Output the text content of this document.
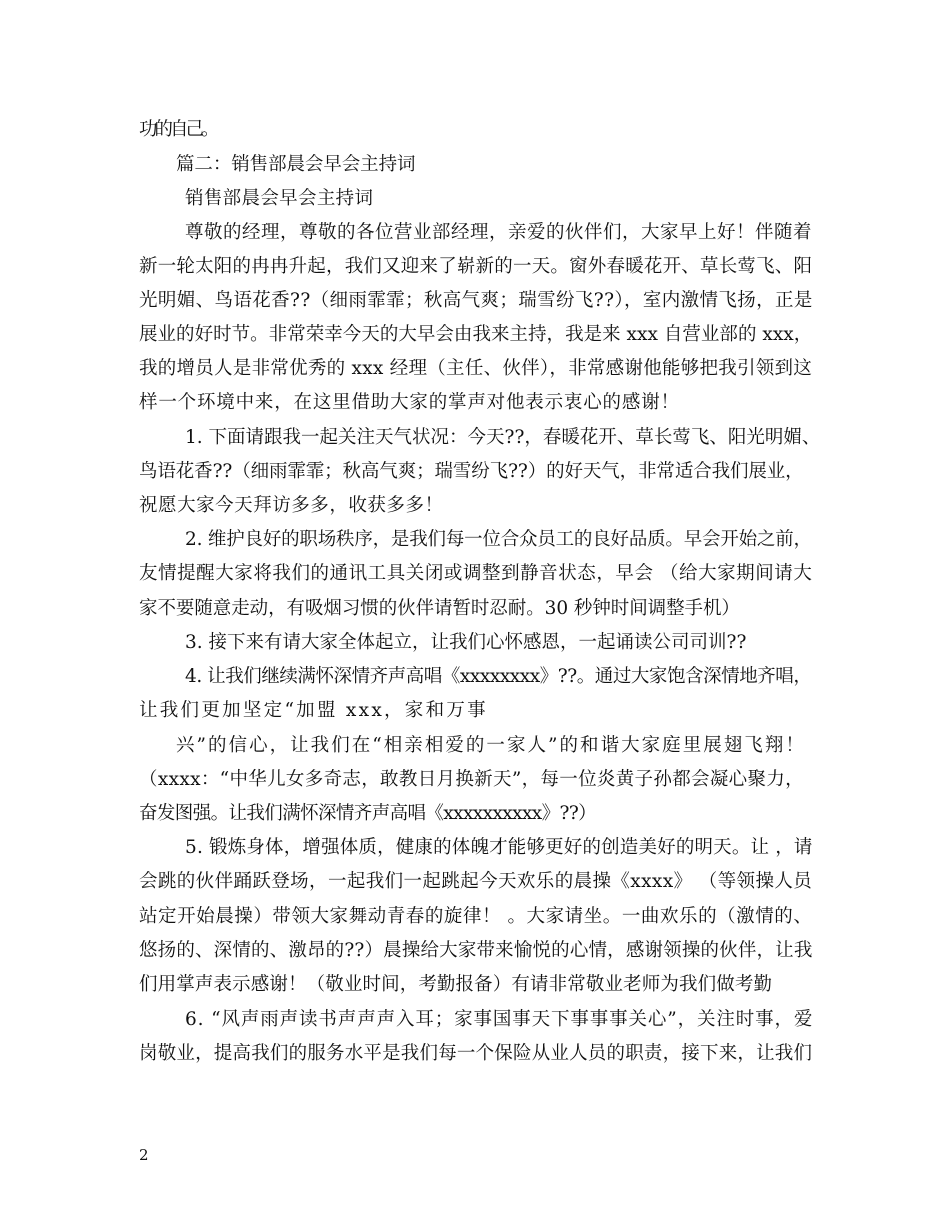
功的自己。
篇二：销售部晨会早会主持词
销售部晨会早会主持词
尊敬的经理，尊敬的各位营业部经理，亲爱的伙伴们，大家早上好！伴随着
新一轮太阳的冉冉升起，我们又迎来了崭新的一天。窗外春暖花开、草长莺飞、阳
光明媚、鸟语花香??（细雨霏霏；秋高气爽；瑞雪纷飞??），室内激情飞扬，正是
展业的好时节。非常荣幸今天的大早会由我来主持，我是来 xxx 自营业部的 xxx，
我的增员人是非常优秀的 xxx 经理（主任、伙伴），非常感谢他能够把我引领到这
样一个环境中来，在这里借助大家的掌声对他表示衷心的感谢！
1. 下面请跟我一起关注天气状况：今天??，春暖花开、草长莺飞、阳光明媚、
鸟语花香??（细雨霏霏；秋高气爽；瑞雪纷飞??）的好天气，非常适合我们展业，
祝愿大家今天拜访多多，收获多多！
2. 维护良好的职场秩序，是我们每一位合众员工的良好品质。早会开始之前，
友情提醒大家将我们的通讯工具关闭或调整到静音状态，早会 （给大家期间请大
家不要随意走动，有吸烟习惯的伙伴请暂时忍耐。30 秒钟时间调整手机）
3. 接下来有请大家全体起立，让我们心怀感恩，一起诵读公司司训??
4. 让我们继续满怀深情齐声高唱《xxxxxxxx》??。通过大家饱含深情地齐唱，
让我们更加坚定“加盟 xxx，家和万事
兴”的信心，让我们在“相亲相爱的一家人”的和谐大家庭里展翅飞翔！
（xxxx：“中华儿女多奇志，敢教日月换新天”，每一位炎黄子孙都会凝心聚力，
奋发图强。让我们满怀深情齐声高唱《xxxxxxxxxx》??）
5. 锻炼身体，增强体质，健康的体魄才能够更好的创造美好的明天。让 ，请
会跳的伙伴踊跃登场，一起我们一起跳起今天欢乐的晨操《xxxx》 （等领操人员
站定开始晨操）带领大家舞动青春的旋律！ 。大家请坐。一曲欢乐的（激情的、
悠扬的、深情的、激昂的??）晨操给大家带来愉悦的心情，感谢领操的伙伴，让我
们用掌声表示感谢！（敬业时间，考勤报备）有请非常敬业老师为我们做考勤
6. “风声雨声读书声声声入耳；家事国事天下事事事关心”，关注时事，爱
岗敬业，提高我们的服务水平是我们每一个保险从业人员的职责，接下来，让我们
2
